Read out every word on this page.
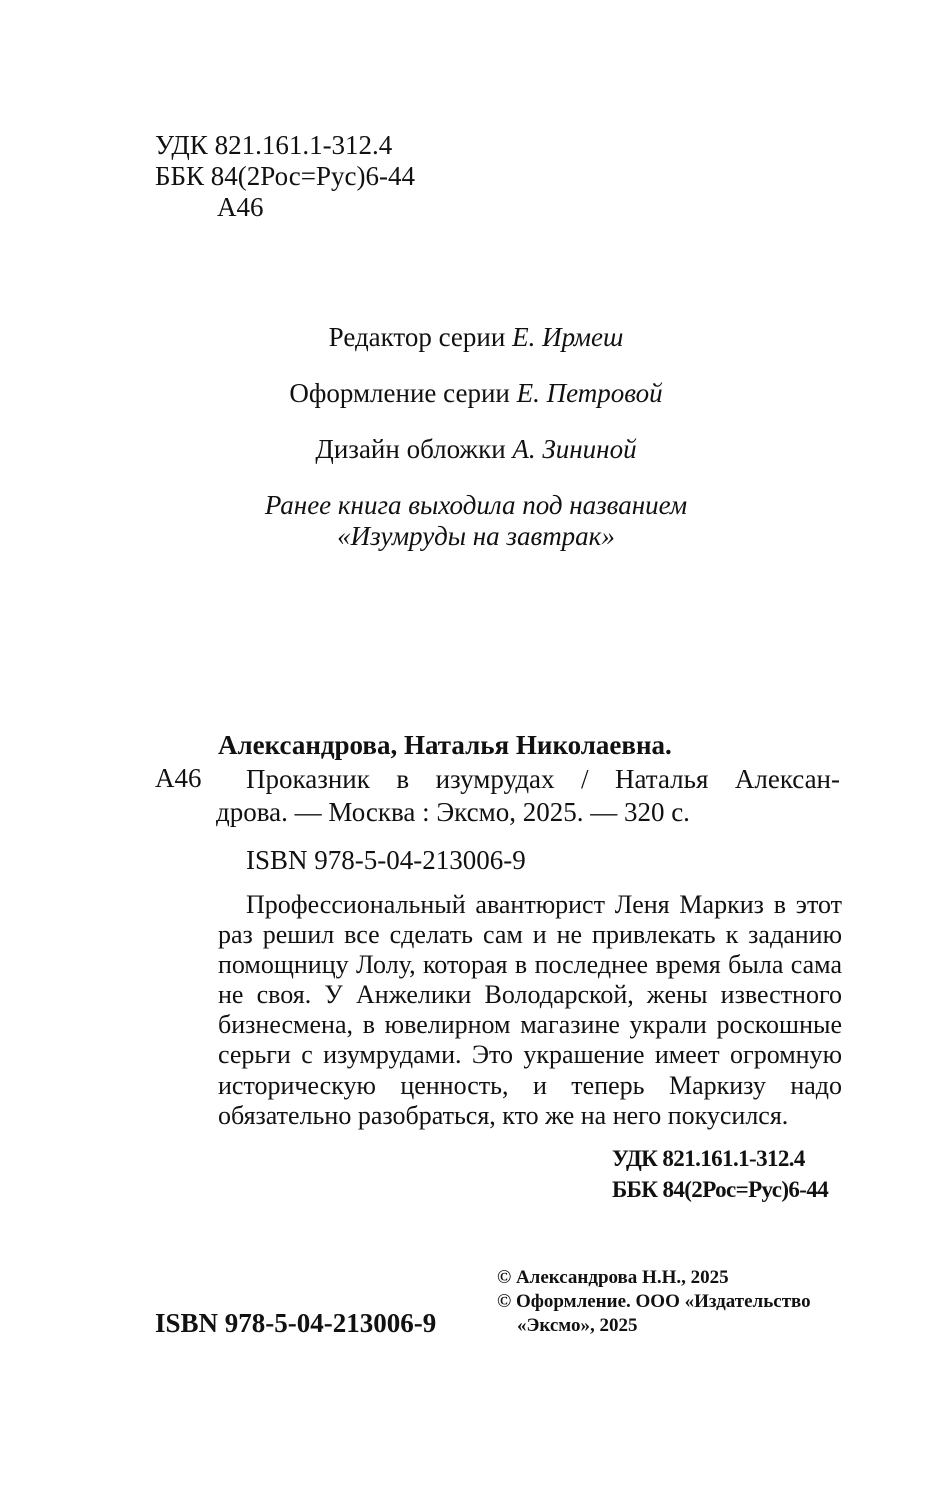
УДК 821.161.1-312.4
ББК 84(2Рос=Рус)6-44
А46
Редактор серии Е. Ирмеш
Оформление серии Е. Петровой
Дизайн обложки А. Зининой
Ранее книга выходила под названием
«Изумруды на завтрак»
Александрова, Наталья Николаевна.
А46 Проказник в изумрудах / Наталья Алексан-
дрова. — Москва : Эксмо, 2025. — 320 с.
ISBN 978-5-04-213006-9

Профессиональный авантюрист Леня Маркиз в этот раз решил все сделать сам и не привлекать к заданию помощницу Лолу, которая в последнее время была сама не своя. У Анжелики Володарской, жены известного бизнесмена, в ювелирном магазине украли роскошные серьги с изумрудами. Это украшение имеет огромную историческую ценность, и теперь Маркизу надо обязательно разобраться, кто же на него покусился.

УДК 821.161.1-312.4
ББК 84(2Рос=Рус)6-44
© Александрова Н.Н., 2025
© Оформление. ООО «Издательство
«Эксмо», 2025
ISBN 978-5-04-213006-9
